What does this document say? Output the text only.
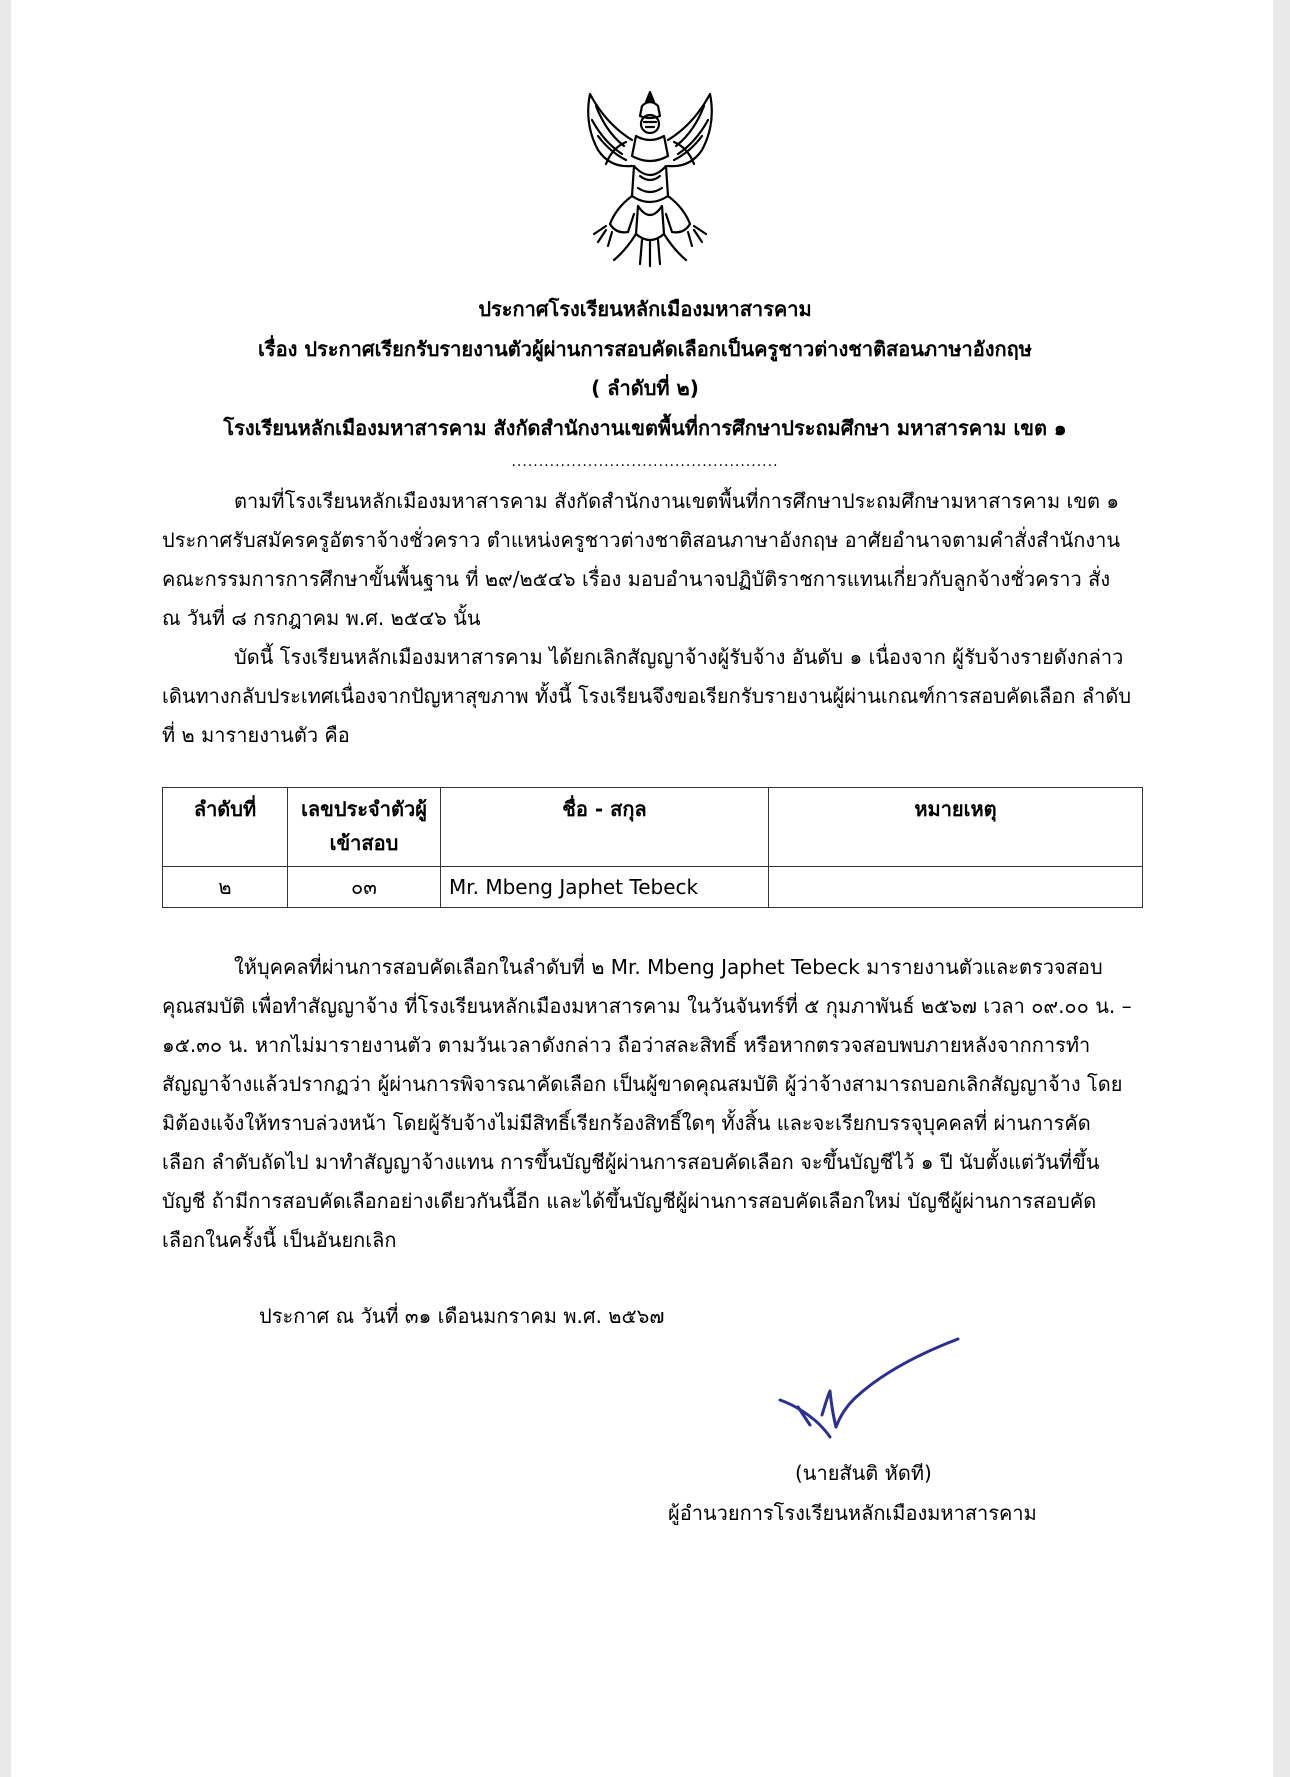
ประกาศโรงเรียนหลักเมืองมหาสารคาม
เรื่อง ประกาศเรียกรับรายงานตัวผู้ผ่านการสอบคัดเลือกเป็นครูชาวต่างชาติสอนภาษาอังกฤษ
( ลำดับที่ ๒)
โรงเรียนหลักเมืองมหาสารคาม สังกัดสำนักงานเขตพื้นที่การศึกษาประถมศึกษา มหาสารคาม เขต ๑
.................................................
ตามที่โรงเรียนหลักเมืองมหาสารคาม สังกัดสำนักงานเขตพื้นที่การศึกษาประถมศึกษามหาสารคาม เขต ๑ ประกาศรับสมัครครูอัตราจ้างชั่วคราว ตำแหน่งครูชาวต่างชาติสอนภาษาอังกฤษ อาศัยอำนาจตามคำสั่งสำนักงานคณะกรรมการการศึกษาขั้นพื้นฐาน ที่ ๒๙/๒๕๔๖ เรื่อง มอบอำนาจปฏิบัติราชการแทนเกี่ยวกับลูกจ้างชั่วคราว สั่ง ณ วันที่ ๘ กรกฎาคม พ.ศ. ๒๕๔๖ นั้น
บัดนี้ โรงเรียนหลักเมืองมหาสารคาม ได้ยกเลิกสัญญาจ้างผู้รับจ้าง อันดับ ๑ เนื่องจาก ผู้รับจ้างรายดังกล่าว เดินทางกลับประเทศเนื่องจากปัญหาสุขภาพ ทั้งนี้ โรงเรียนจึงขอเรียกรับรายงานผู้ผ่านเกณฑ์การสอบคัดเลือก ลำดับที่ ๒ มารายงานตัว คือ
ลำดับที่	เลขประจำตัวผู้เข้าสอบ	ชื่อ - สกุล	หมายเหตุ
๒	๐๓	Mr. Mbeng Japhet Tebeck	
ให้บุคคลที่ผ่านการสอบคัดเลือกในลำดับที่ ๒ Mr. Mbeng Japhet Tebeck มารายงานตัวและตรวจสอบคุณสมบัติ เพื่อทำสัญญาจ้าง ที่โรงเรียนหลักเมืองมหาสารคาม ในวันจันทร์ที่ ๕ กุมภาพันธ์ ๒๕๖๗ เวลา ๐๙.๐๐ น. – ๑๕.๓๐ น. หากไม่มารายงานตัว ตามวันเวลาดังกล่าว ถือว่าสละสิทธิ์ หรือหากตรวจสอบพบภายหลังจากการทำสัญญาจ้างแล้วปรากฏว่า ผู้ผ่านการพิจารณาคัดเลือก เป็นผู้ขาดคุณสมบัติ ผู้ว่าจ้างสามารถบอกเลิกสัญญาจ้าง โดยมิต้องแจ้งให้ทราบล่วงหน้า โดยผู้รับจ้างไม่มีสิทธิ์เรียกร้องสิทธิ์ใดๆ ทั้งสิ้น และจะเรียกบรรจุบุคคลที่ ผ่านการคัดเลือก ลำดับถัดไป มาทำสัญญาจ้างแทน การขึ้นบัญชีผู้ผ่านการสอบคัดเลือก จะขึ้นบัญชีไว้ ๑ ปี นับตั้งแต่วันที่ขึ้นบัญชี ถ้ามีการสอบคัดเลือกอย่างเดียวกันนี้อีก และได้ขึ้นบัญชีผู้ผ่านการสอบคัดเลือกใหม่ บัญชีผู้ผ่านการสอบคัดเลือกในครั้งนี้ เป็นอันยกเลิก
ประกาศ ณ วันที่ ๓๑ เดือนมกราคม พ.ศ. ๒๕๖๗
(นายสันติ หัดที)
ผู้อำนวยการโรงเรียนหลักเมืองมหาสารคาม
